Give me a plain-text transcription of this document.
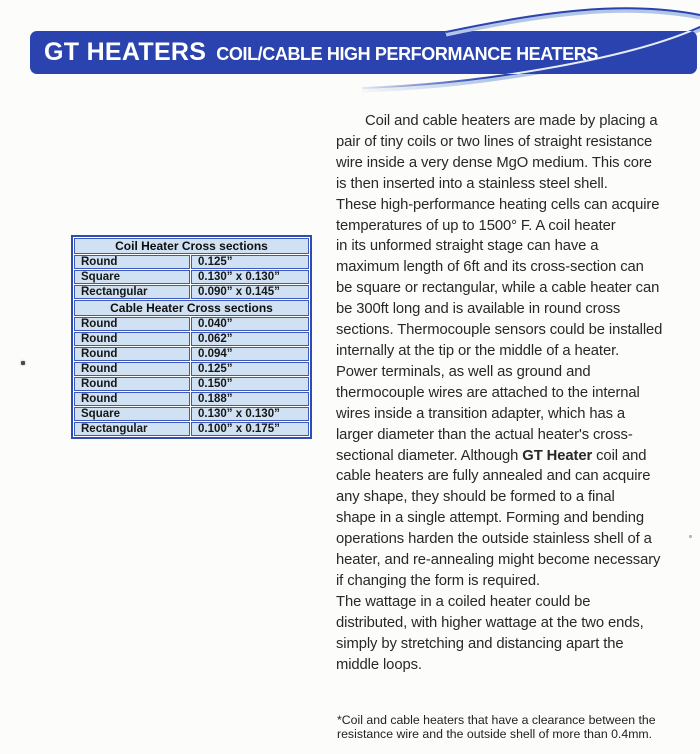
GT HEATERS COIL/CABLE HIGH PERFORMANCE HEATERS
Coil Heater Cross sections	
Round	0.125”
Square	0.130” x 0.130”
Rectangular	0.090” x 0.145”
Cable Heater Cross sections	
Round	0.040”
Round	0.062”
Round	0.094”
Round	0.125”
Round	0.150”
Round	0.188”
Square	0.130” x 0.130”
Rectangular	0.100” x 0.175”
Coil and cable heaters are made by placing a
pair of tiny coils or two lines of straight resistance
wire inside a very dense MgO medium. This core
is then inserted into a stainless steel shell.
These high-performance heating cells can acquire
temperatures of up to 1500° F. A coil heater
in its unformed straight stage can have a
maximum length of 6ft and its cross-section can
be square or rectangular, while a cable heater can
be 300ft long and is available in round cross
sections. Thermocouple sensors could be installed
internally at the tip or the middle of a heater.
Power terminals, as well as ground and
thermocouple wires are attached to the internal
wires inside a transition adapter, which has a
larger diameter than the actual heater's cross-
sectional diameter. Although GT Heater coil and
cable heaters are fully annealed and can acquire
any shape, they should be formed to a final
shape in a single attempt. Forming and bending
operations harden the outside stainless shell of a
heater, and re-annealing might become necessary
if changing the form is required.
The wattage in a coiled heater could be
distributed, with higher wattage at the two ends,
simply by stretching and distancing apart the
middle loops.
*Coil and cable heaters that have a clearance between the
resistance wire and the outside shell of more than 0.4mm.
